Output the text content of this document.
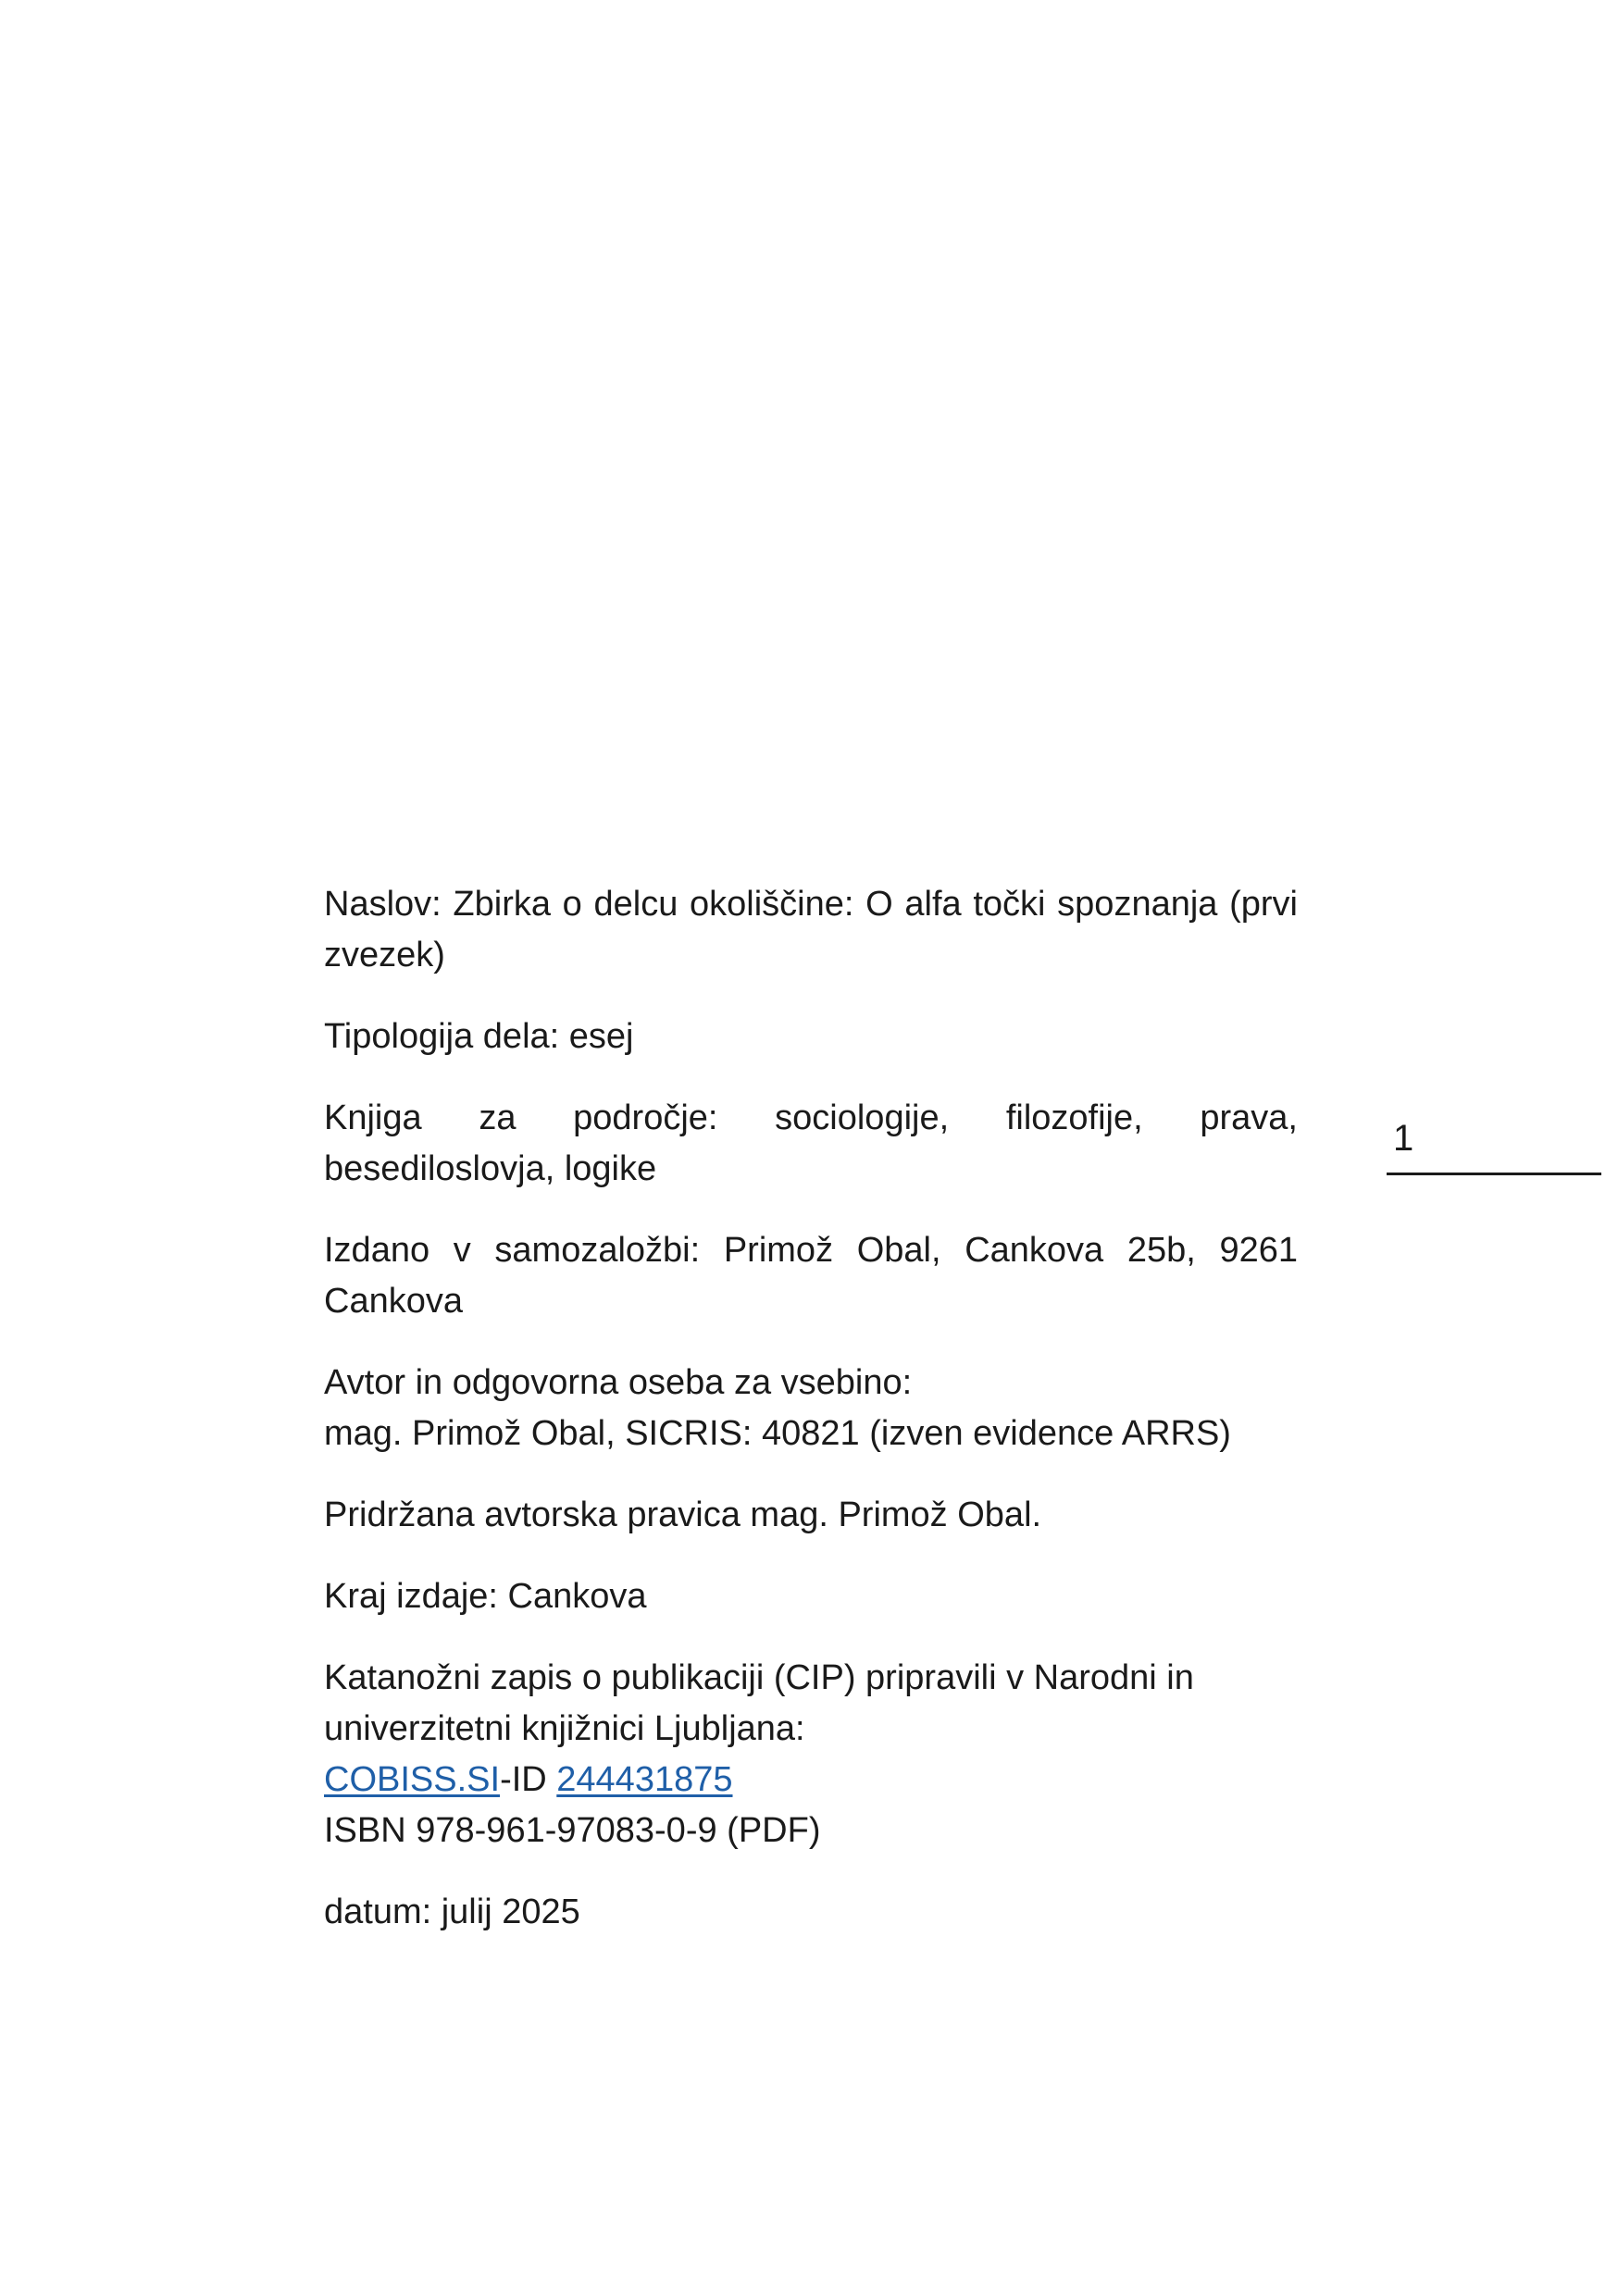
Naslov: Zbirka o delcu okoliščine: O alfa točki spoznanja (prvi zvezek)

Tipologija dela: esej

Knjiga za področje: sociologije, filozofije, prava, besediloslovja, logike

Izdano v samozaložbi: Primož Obal, Cankova 25b, 9261 Cankova

Avtor in odgovorna oseba za vsebino:
mag. Primož Obal, SICRIS: 40821 (izven evidence ARRS)

Pridržana avtorska pravica mag. Primož Obal.

Kraj izdaje: Cankova

Katanožni zapis o publikaciji (CIP) pripravili v Narodni in univerzitetni knjižnici Ljubljana:
COBISS.SI-ID 244431875
ISBN 978-961-97083-0-9 (PDF)

datum: julij 2025

1
